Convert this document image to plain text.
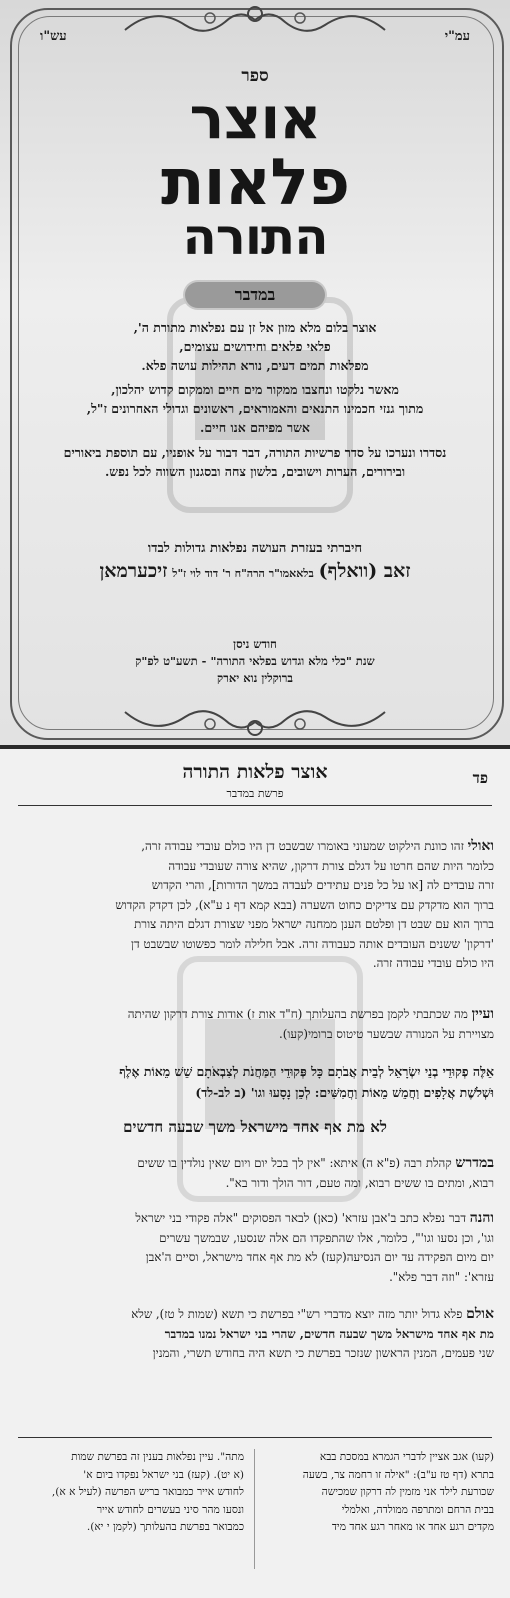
עמ"י
עש"ו
ספר
אוצר
פלאות
התורה
במדבר
אוצר בלום מלא מזון אל זן עם נפלאות מתורת ה',
פלאי פלאים וחידושים עצומים,
מפלאות תמים דעים, נורא תהילות עושה פלא.
מאשר נלקטו ונחצבו ממקור מים חיים וממקום קדוש יהלכון,
מתוך גנזי חכמינו התנאים והאמוראים, ראשונים וגדולי האחרונים ז"ל,
אשר מפיהם אנו חיים.
נסדרו ונערכו על סדר פרשיות התורה, דבר דבור על אופניו, עם תוספת ביאורים
ובירורים, הערות וישובים, בלשון צחה ובסגנון השווה לכל נפש.
חיברתי בעזרת העושה נפלאות גדולות לבדו
זאב (וואלף) בלאאמו"ר הרה"ח ר' דוד לוי ז"ל זיכערמאן
חודש ניסן
שנת "כלי מלא וגדוש בפלאי התורה" - תשע"ט לפ"ק
ברוקלין נוא יארק
פד
אוצר פלאות התורה
פרשת במדבר
ואולי זהו כוונת הילקוט שמעוני באומרו שבשבט דן היו כולם עובדי עבודה זרה,
כלומר היות שהם חרטו על דגלם צורת דרקון, שהיא צורה שעובדי עבודה
זרה עובדים לה [או על כל פנים עתידים לעבדה במשך הדורות], והרי הקדוש
ברוך הוא מדקדק עם צדיקים כחוט השערה (בבא קמא דף נ ע"א), לכן דקדק הקדוש
ברוך הוא עם שבט דן ופלטם הענן ממחנה ישראל מפני שצורת דגלם היתה צורת
'דרקון' ששנים העובדים אותה כעבודה זרה. אבל חלילה לומר כפשוטו שבשבט דן
היו כולם עובדי עבודה זרה.
ועיין מה שכתבתי לקמן בפרשת בהעלותך (ח"ד אות ז) אודות צורת דרקון שהיתה
מצויירת על המנורה שבשער טיטוס ברומי(קעו).
אֵלֶּה פְקוּדֵי בְנֵי יִשְׂרָאֵל לְבֵית אֲבֹתָם כָּל פְּקוּדֵי הַמַּחֲנֹת לְצִבְאֹתָם שֵׁשׁ מֵאוֹת אֶלֶף
וּשְׁלֹשֶׁת אֲלָפִים וַחֲמֵשׁ מֵאוֹת וַחֲמִשִּׁים: לְכֵן נָסָעוּ וגו' (ב לב-לד)
לא מת אף אחד מישראל משך שבעה חדשים
במדרש קהלת רבה (פ"א ה) איתא: "אין לך בכל יום ויום שאין נולדין בו ששים
רבוא, ומתים בו ששים רבוא, ומה טעם, דור הולך ודור בא".
והנה דבר נפלא כתב ב'אבן עזרא' (כאן) לבאר הפסוקים "אלה פקודי בני ישראל
וגו', וכן נסעו וגו'", כלומר, אלו שהתפקדו הם אלה שנסעו, שבמשך עשרים
יום מיום הפקידה עד יום הנסיעה(קעז) לא מת אף אחד מישראל, וסיים ה'אבן
עזרא': "וזה דבר פלא".
אולם פלא גדול יותר מזה יוצא מדברי רש"י בפרשת כי תשא (שמות ל טז), שלא
מת אף אחד מישראל משך שבעה חדשים, שהרי בני ישראל נמנו במדבר
שני פעמים, המנין הראשון שנזכר בפרשת כי תשא היה בחודש תשרי, והמנין
(קעו) אגב אציין לדברי הגמרא במסכת בבא
בתרא (דף טז ע"ב): "אילה זו רחמה צר, בשעה
שכורעת לילד אני מזמין לה דרקון שמכישה
בבית הרחם ומתרפה ממולדה, ואלמלי
מקדים רגע אחד או מאחר רגע אחד מיד
מתה". עיין נפלאות בענין זה בפרשת שמות
(א יט). (קעז) בני ישראל נפקדו ביום א'
לחודש אייר כמבואר בריש הפרשה (לעיל א א),
ונסעו מהר סיני בעשרים לחודש אייר
כמבואר בפרשת בהעלותך (לקמן י יא).
